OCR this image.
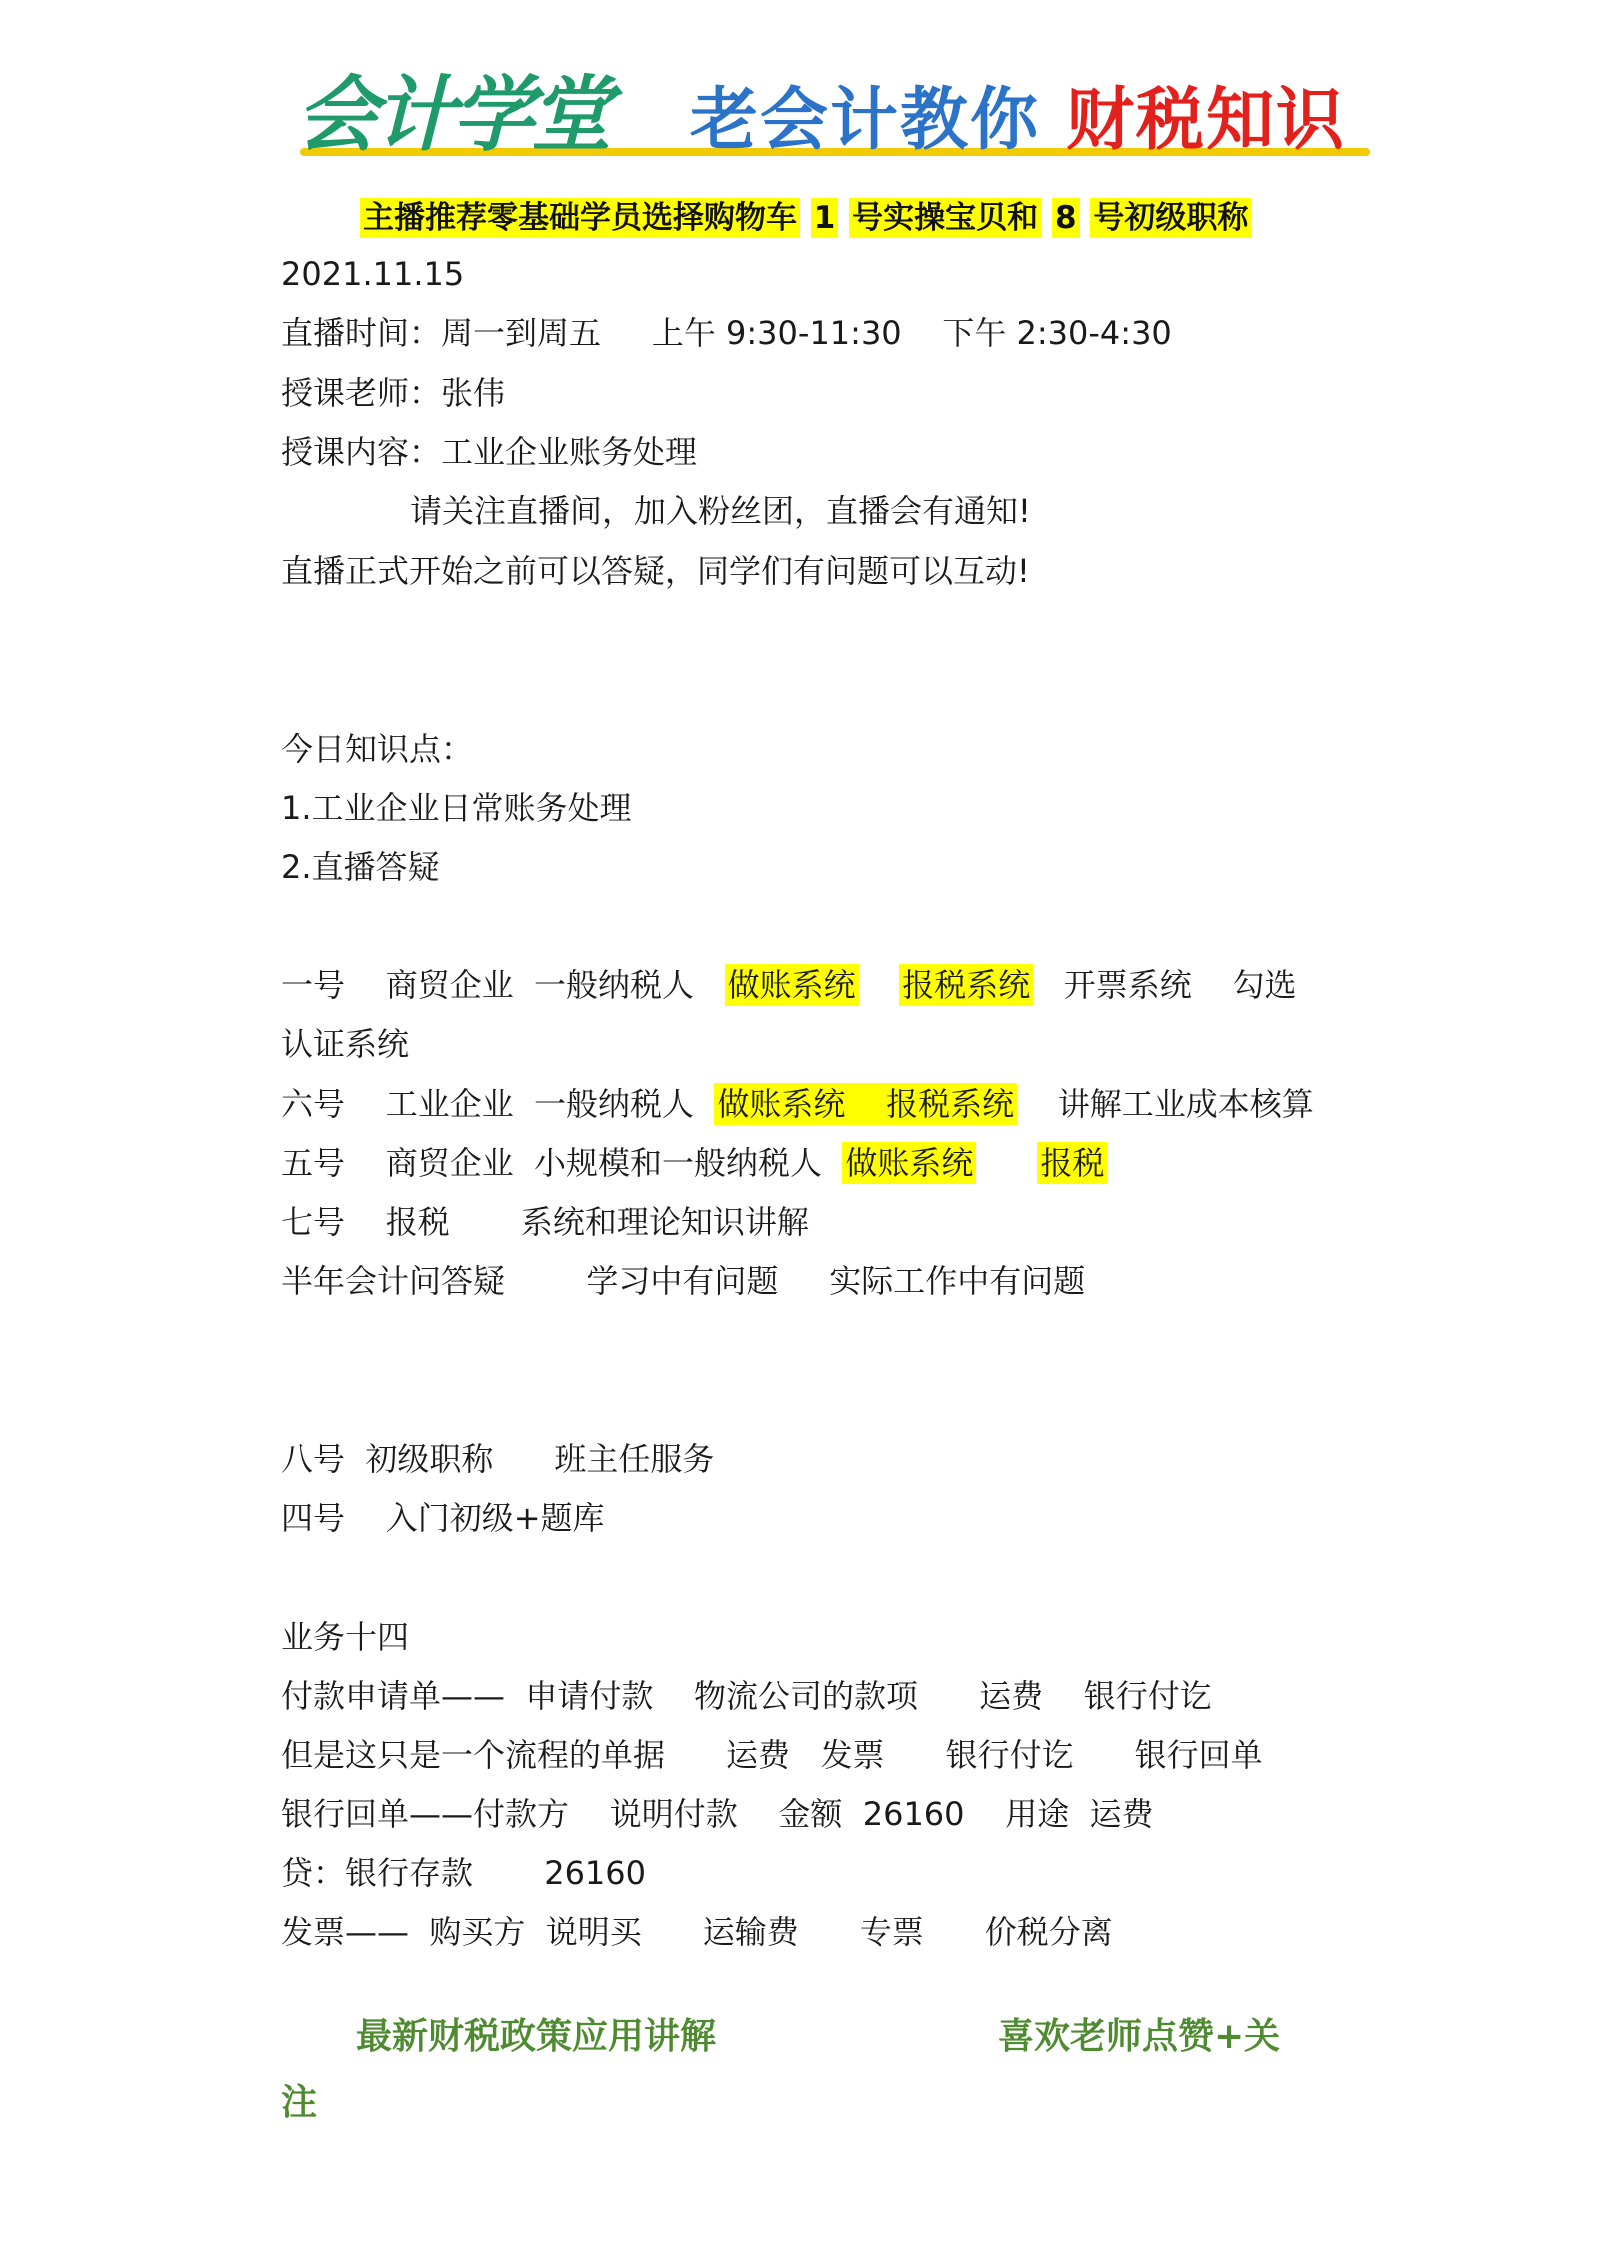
会计学堂 老会计教你 财税知识
主播推荐零基础学员选择购物车 1 号实操宝贝和 8 号初级职称
2021.11.15
直播时间：周一到周五     上午 9:30-11:30    下午 2:30-4:30
授课老师：张伟
授课内容：工业企业账务处理
请关注直播间，加入粉丝团，直播会有通知!
直播正式开始之前可以答疑，同学们有问题可以互动!
今日知识点：
1.工业企业日常账务处理
2.直播答疑
一号    商贸企业  一般纳税人   做账系统 报税系统   开票系统    勾选
认证系统
六号    工业企业  一般纳税人  做账系统    报税系统    讲解工业成本核算
五号    商贸企业  小规模和一般纳税人  做账系统 报税
七号    报税       系统和理论知识讲解
半年会计问答疑        学习中有问题     实际工作中有问题
八号  初级职称      班主任服务
四号    入门初级+题库
业务十四
付款申请单——  申请付款    物流公司的款项      运费    银行付讫
但是这只是一个流程的单据      运费   发票      银行付讫      银行回单
银行回单——付款方    说明付款    金额  26160    用途  运费
贷：银行存款       26160
发票——  购买方  说明买      运输费      专票      价税分离
最新财税政策应用讲解	喜欢老师点赞+关
注
